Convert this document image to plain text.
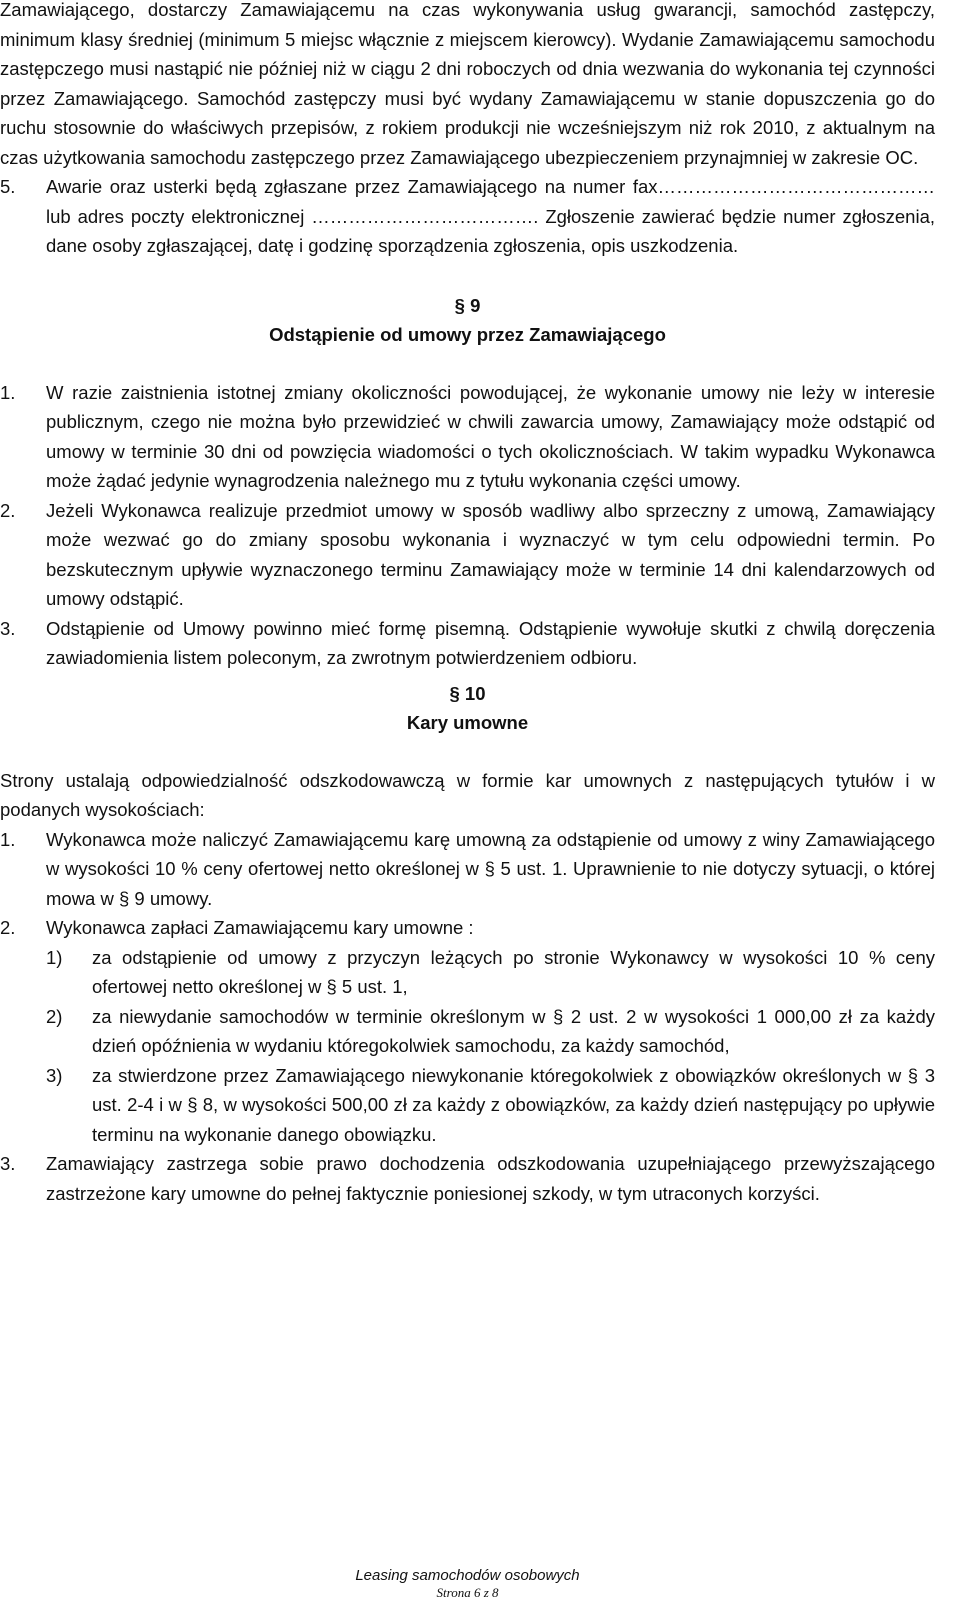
Zamawiającego, dostarczy Zamawiającemu na czas wykonywania usług gwarancji, samochód zastępczy, minimum klasy średniej (minimum 5 miejsc włącznie z miejscem kierowcy). Wydanie Zamawiającemu samochodu zastępczego musi nastąpić nie później niż w ciągu 2 dni roboczych od dnia wezwania do wykonania tej czynności przez Zamawiającego. Samochód zastępczy musi być wydany Zamawiającemu w stanie dopuszczenia go do ruchu stosownie do właściwych przepisów, z rokiem produkcji nie wcześniejszym niż rok 2010, z aktualnym na czas użytkowania samochodu zastępczego przez Zamawiającego ubezpieczeniem przynajmniej w zakresie OC.

5.	Awarie oraz usterki będą zgłaszane przez Zamawiającego na numer fax……………………………………… lub adres poczty elektronicznej ………………………………. Zgłoszenie zawierać będzie numer zgłoszenia, dane osoby zgłaszającej, datę i godzinę sporządzenia zgłoszenia, opis uszkodzenia.

§ 9

Odstąpienie od umowy przez Zamawiającego

1.	W razie zaistnienia istotnej zmiany okoliczności powodującej, że wykonanie umowy nie leży w interesie publicznym, czego nie można było przewidzieć w chwili zawarcia umowy, Zamawiający może odstąpić od umowy w terminie 30 dni od powzięcia wiadomości o tych okolicznościach. W takim wypadku Wykonawca może żądać jedynie wynagrodzenia należnego mu z tytułu wykonania części umowy.
2.	Jeżeli Wykonawca realizuje przedmiot umowy w sposób wadliwy albo sprzeczny z umową, Zamawiający może wezwać go do zmiany sposobu wykonania i wyznaczyć w tym celu odpowiedni termin. Po bezskutecznym upływie wyznaczonego terminu Zamawiający może w terminie 14 dni kalendarzowych od umowy odstąpić.
3.	Odstąpienie od Umowy powinno mieć formę pisemną. Odstąpienie wywołuje skutki z chwilą doręczenia zawiadomienia listem poleconym, za zwrotnym potwierdzeniem odbioru.

§ 10

Kary umowne

Strony ustalają odpowiedzialność odszkodowawczą w formie kar umownych z następujących tytułów i w podanych wysokościach:

1.	Wykonawca może naliczyć Zamawiającemu karę umowną za odstąpienie od umowy z winy Zamawiającego w wysokości 10 % ceny ofertowej netto określonej w § 5 ust. 1. Uprawnienie to nie dotyczy sytuacji, o której mowa w § 9 umowy.
2.	Wykonawca zapłaci Zamawiającemu kary umowne :
1)	za odstąpienie od umowy z przyczyn leżących po stronie Wykonawcy w wysokości 10 % ceny ofertowej netto określonej w § 5 ust. 1,
2)	za niewydanie samochodów w terminie określonym w § 2 ust. 2 w wysokości 1 000,00 zł za każdy dzień opóźnienia w wydaniu któregokolwiek samochodu, za każdy samochód,
3)	za stwierdzone przez Zamawiającego niewykonanie któregokolwiek z obowiązków określonych w § 3 ust. 2-4 i w § 8, w wysokości 500,00 zł za każdy z obowiązków, za każdy dzień następujący po upływie terminu na wykonanie danego obowiązku.
3.	Zamawiający zastrzega sobie prawo dochodzenia odszkodowania uzupełniającego przewyższającego zastrzeżone kary umowne do pełnej faktycznie poniesionej szkody, w tym utraconych korzyści.
Leasing samochodów osobowych
Strona 6 z 8
